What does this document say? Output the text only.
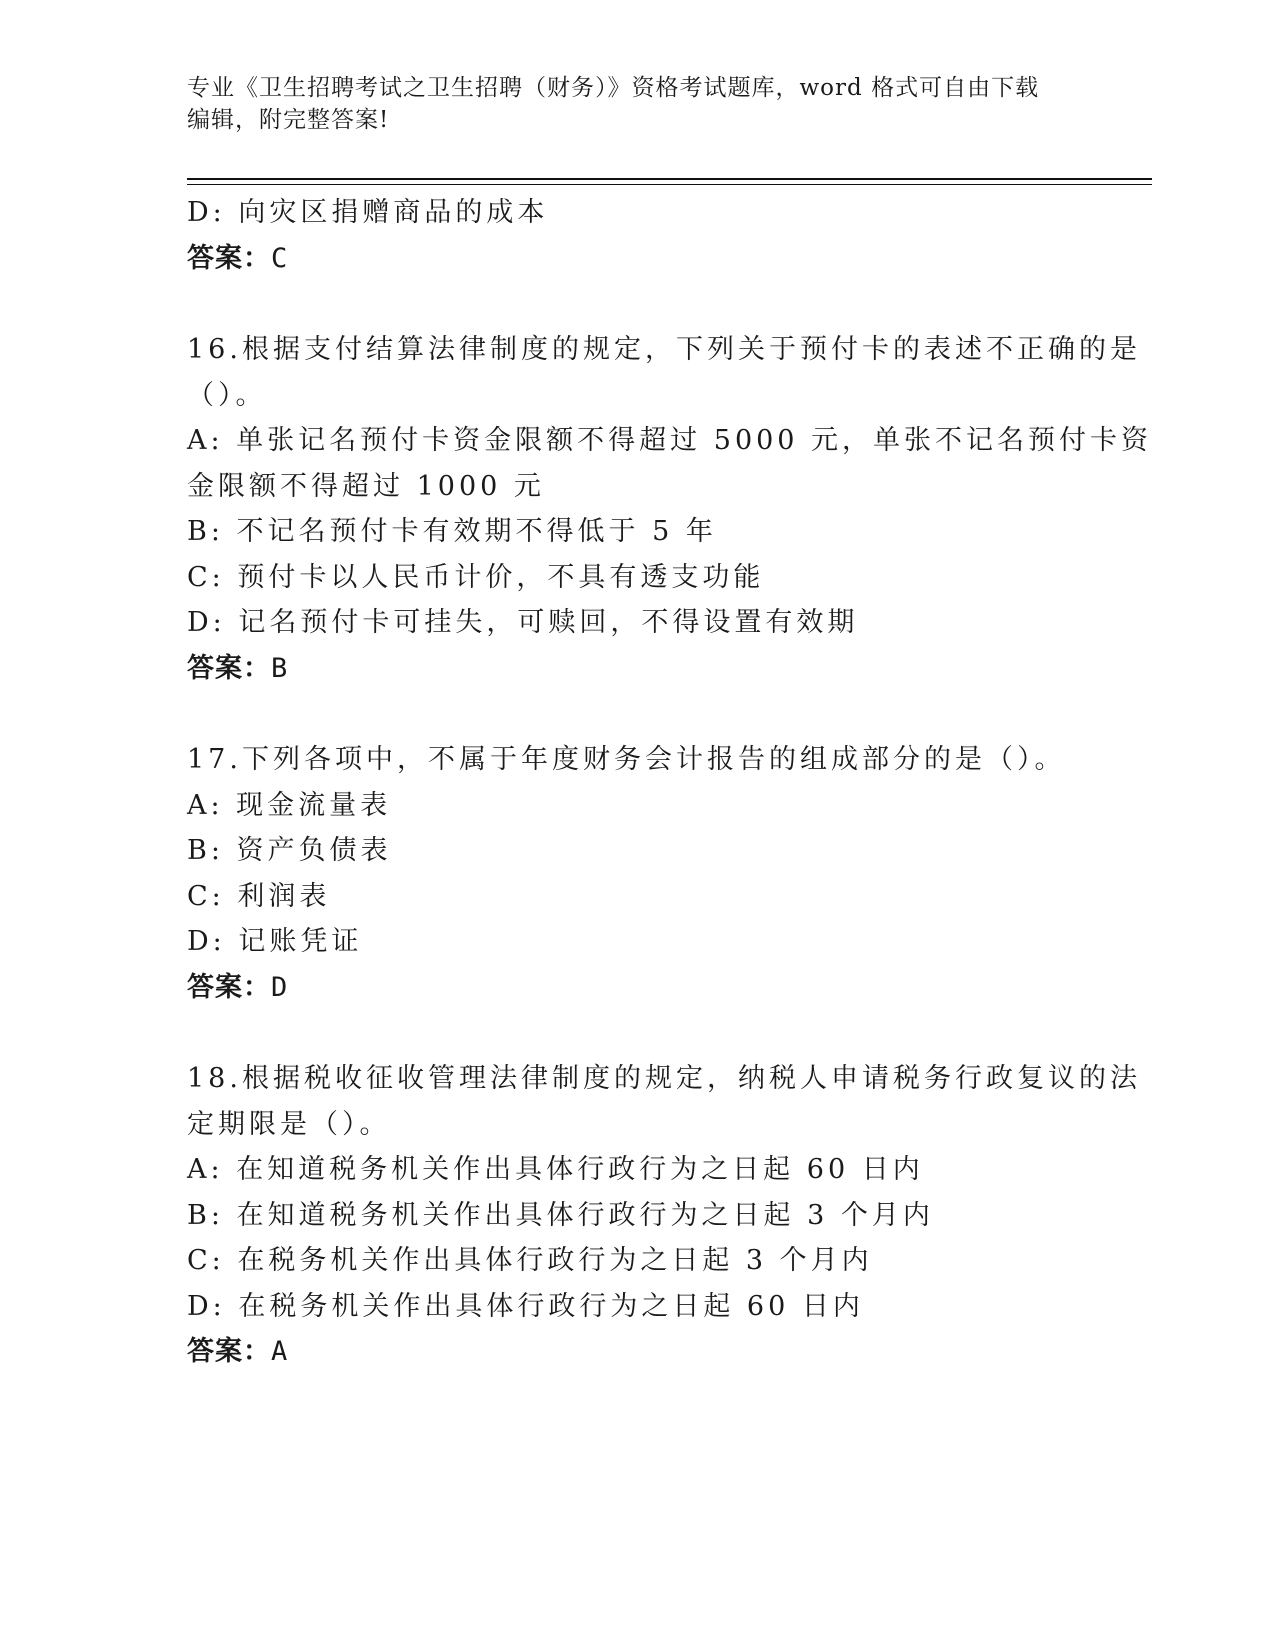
专业《卫生招聘考试之卫生招聘（财务）》资格考试题库，word 格式可自由下载
编辑，附完整答案!
D: 向灾区捐赠商品的成本
答案：C
16.根据支付结算法律制度的规定，下列关于预付卡的表述不正确的是
（）。
A: 单张记名预付卡资金限额不得超过 5000 元，单张不记名预付卡资
金限额不得超过 1000 元
B: 不记名预付卡有效期不得低于 5 年
C: 预付卡以人民币计价，不具有透支功能
D: 记名预付卡可挂失，可赎回，不得设置有效期
答案：B
17.下列各项中，不属于年度财务会计报告的组成部分的是（）。
A: 现金流量表
B: 资产负债表
C: 利润表
D: 记账凭证
答案：D
18.根据税收征收管理法律制度的规定，纳税人申请税务行政复议的法
定期限是（）。
A: 在知道税务机关作出具体行政行为之日起 60 日内
B: 在知道税务机关作出具体行政行为之日起 3 个月内
C: 在税务机关作出具体行政行为之日起 3 个月内
D: 在税务机关作出具体行政行为之日起 60 日内
答案：A
